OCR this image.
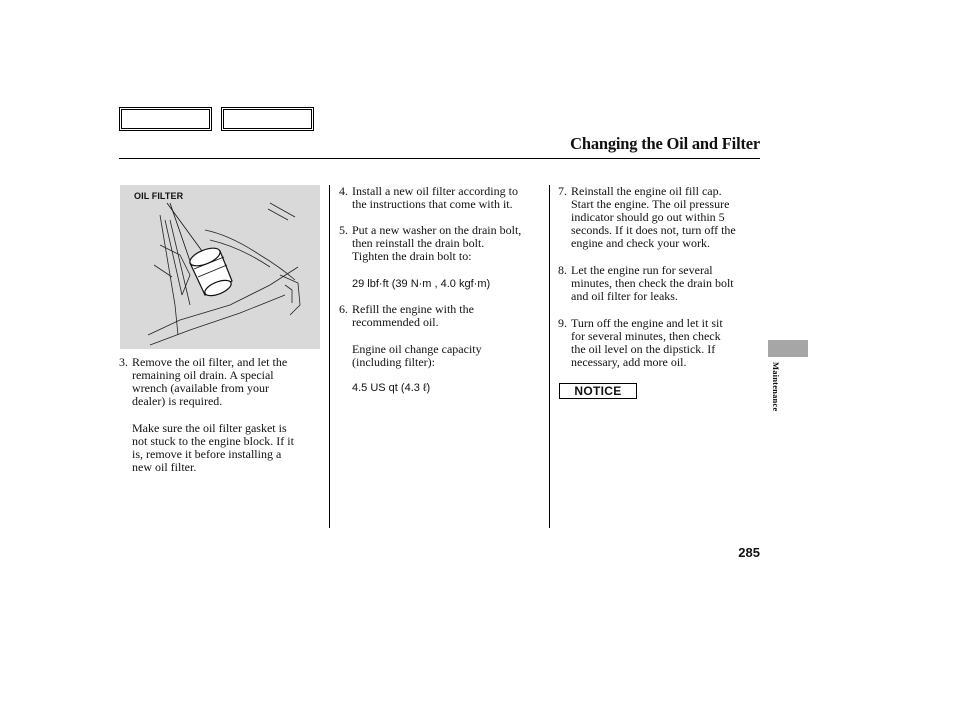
Changing the Oil and Filter
OIL FILTER
3. Remove the oil filter, and let the
remaining oil drain. A special
wrench (available from your
dealer) is required.
Make sure the oil filter gasket is
not stuck to the engine block. If it
is, remove it before installing a
new oil filter.
4. Install a new oil filter according to
the instructions that come with it.
5. Put a new washer on the drain bolt,
then reinstall the drain bolt.
Tighten the drain bolt to:
29 lbf·ft (39 N·m , 4.0 kgf·m)
6. Refill the engine with the
recommended oil.
Engine oil change capacity
(including filter):
4.5 US qt (4.3 ℓ)
7. Reinstall the engine oil fill cap.
Start the engine. The oil pressure
indicator should go out within 5
seconds. If it does not, turn off the
engine and check your work.
8. Let the engine run for several
minutes, then check the drain bolt
and oil filter for leaks.
9. Turn off the engine and let it sit
for several minutes, then check
the oil level on the dipstick. If
necessary, add more oil.
NOTICE	Maintenance
285
